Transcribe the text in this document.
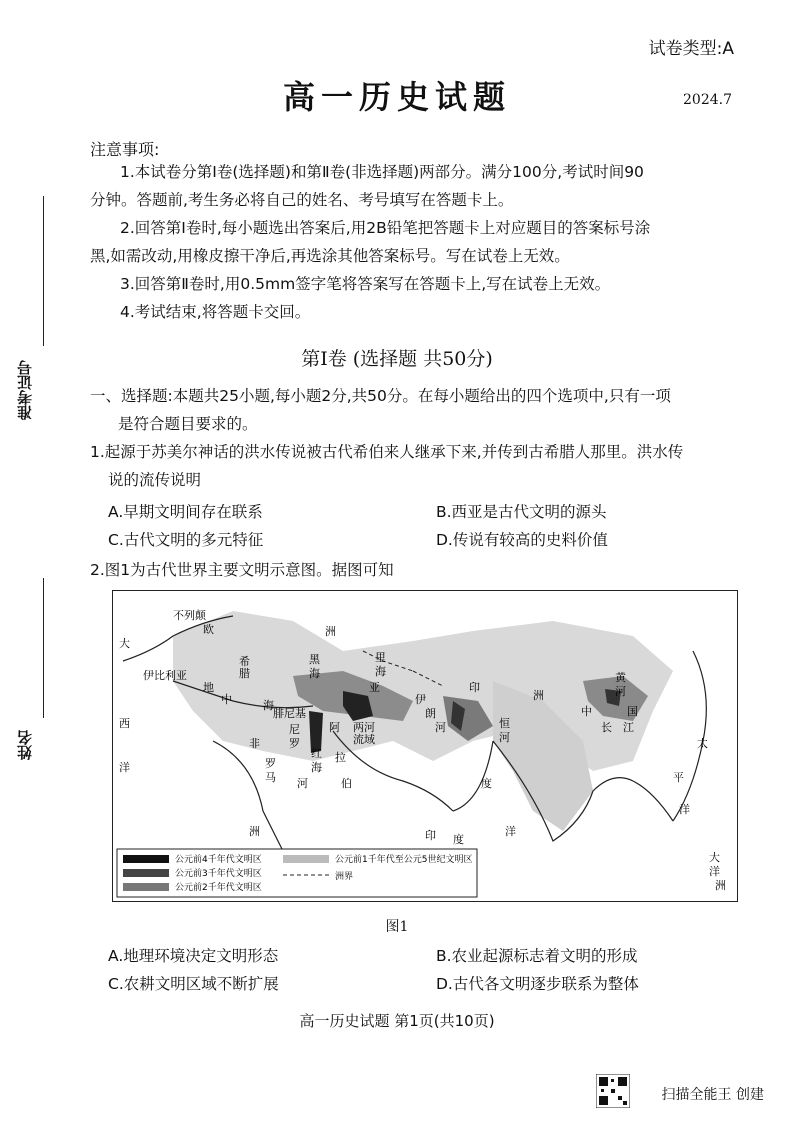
试卷类型:A
高一历史试题	2024.7
准考证号
姓名
注意事项:
1.本试卷分第Ⅰ卷(选择题)和第Ⅱ卷(非选择题)两部分。满分100分,考试时间90
分钟。答题前,考生务必将自己的姓名、考号填写在答题卡上。
2.回答第Ⅰ卷时,每小题选出答案后,用2B铅笔把答题卡上对应题目的答案标号涂
黑,如需改动,用橡皮擦干净后,再选涂其他答案标号。写在试卷上无效。
3.回答第Ⅱ卷时,用0.5mm签字笔将答案写在答题卡上,写在试卷上无效。
4.考试结束,将答题卡交回。
第Ⅰ卷 (选择题 共50分)
一、选择题:本题共25小题,每小题2分,共50分。在每小题给出的四个选项中,只有一项
是符合题目要求的。
1.起源于苏美尔神话的洪水传说被古代希伯来人继承下来,并传到古希腊人那里。洪水传
说的流传说明
A.早期文明间存在联系	B.西亚是古代文明的源头
C.古代文明的多元特征	D.传说有较高的史料价值
2.图1为古代世界主要文明示意图。据图可知
公元前4千年代文明区
公元前3千年代文明区
公元前2千年代文明区
公元前1千年代至公元5世纪文明区
洲界
不列颠
欧	洲
黑
海
里
海
大
西
洋
伊比利亚
地
中	海
非
洲
阿
拉
伯
伊
朗
亚	印
度
河	恒
河
黄
河
长 江
中	国
洲
太
平
洋
印 度
洋
大
洋
洲
尼
罗
河
腓尼基
红
海
希
腊
两河
流域
罗
马
图1
A.地理环境决定文明形态	B.农业起源标志着文明的形成
C.农耕文明区域不断扩展	D.古代各文明逐步联系为整体
高一历史试题 第1页(共10页)
扫描全能王 创建
